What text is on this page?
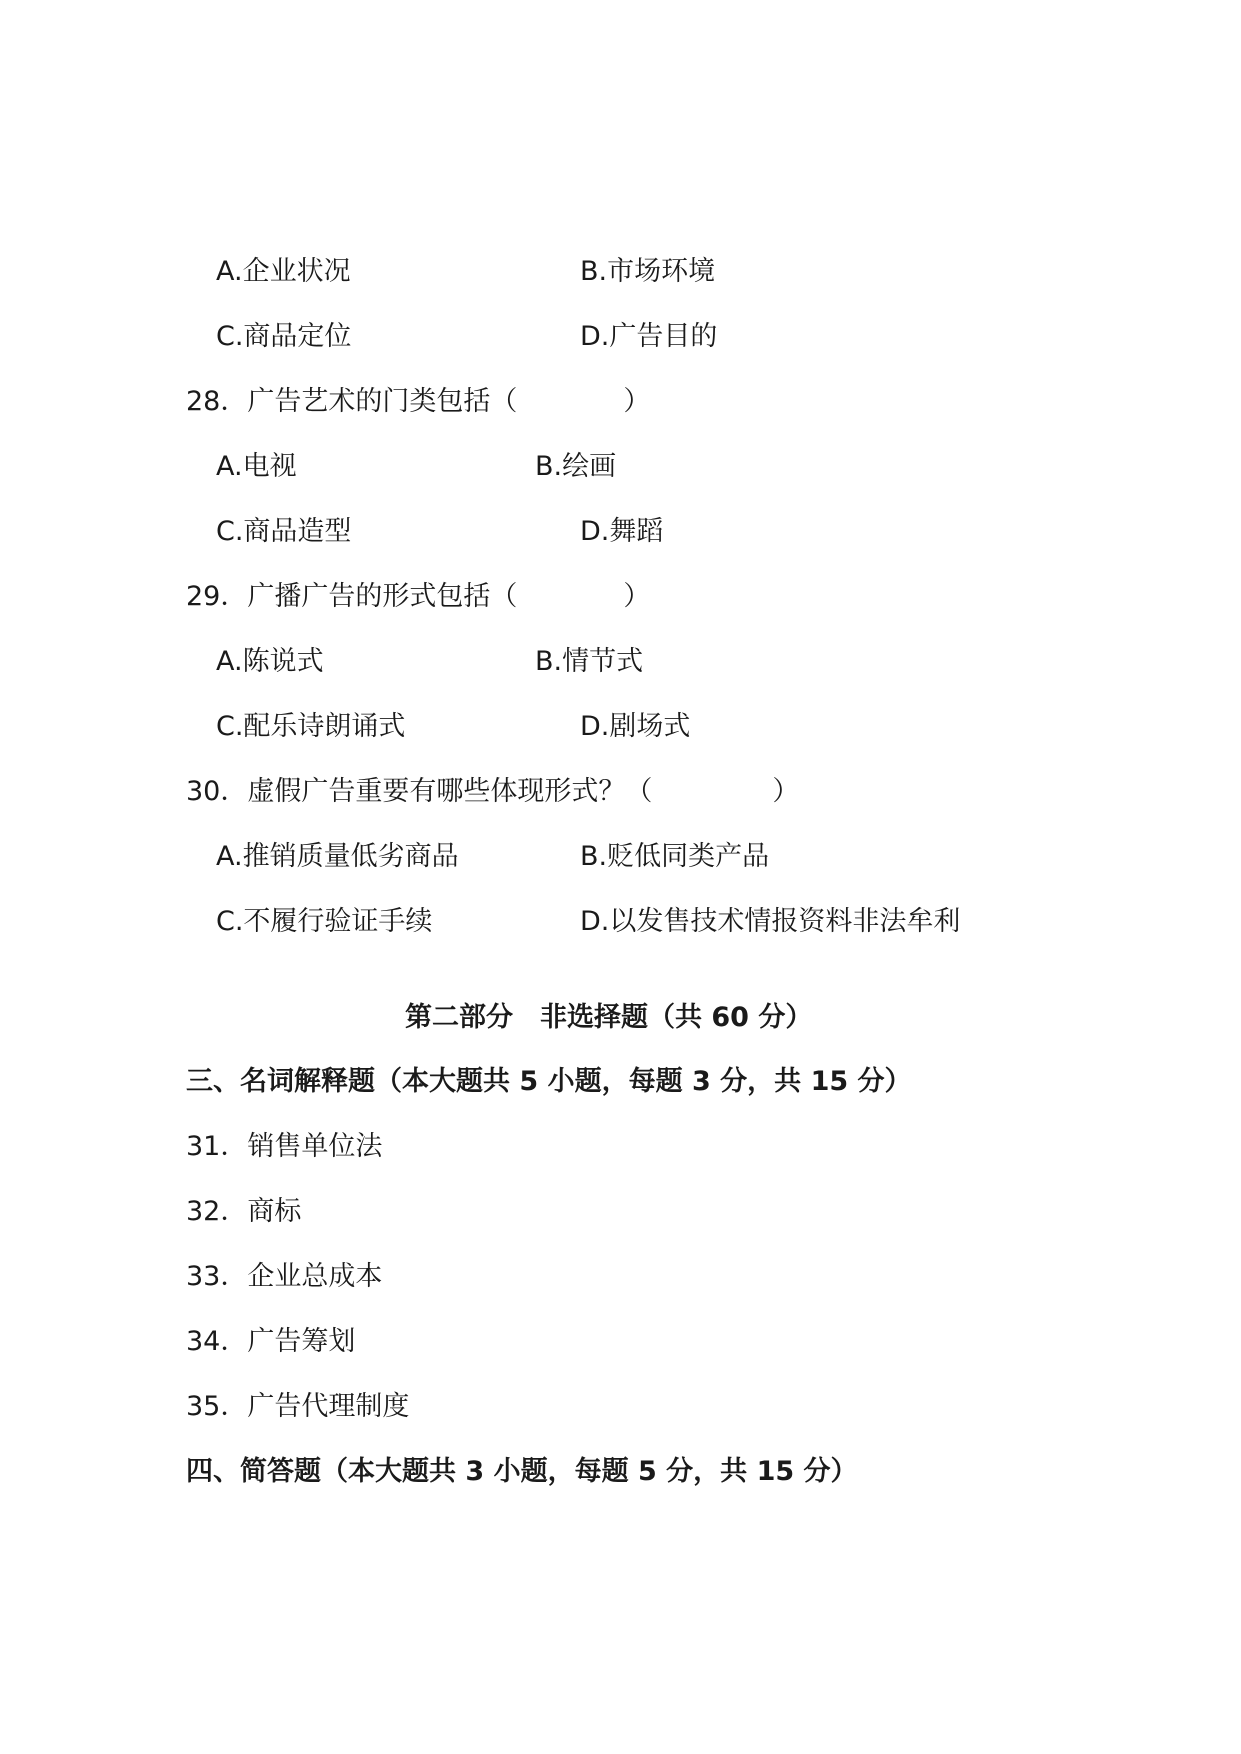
A.企业状况	B.市场环境
C.商品定位	D.广告目的
28．广告艺术的门类包括（	）
A.电视	B.绘画
C.商品造型	D.舞蹈
29．广播广告的形式包括（	）
A.陈说式	B.情节式
C.配乐诗朗诵式	D.剧场式
30．虚假广告重要有哪些体现形式？（	）
A.推销质量低劣商品	B.贬低同类产品
C.不履行验证手续	D.以发售技术情报资料非法牟利
第二部分　非选择题（共 60 分）
三、名词解释题（本大题共 5 小题，每题 3 分，共 15 分）
31．销售单位法
32．商标
33．企业总成本
34．广告筹划
35．广告代理制度
四、简答题（本大题共 3 小题，每题 5 分，共 15 分）
